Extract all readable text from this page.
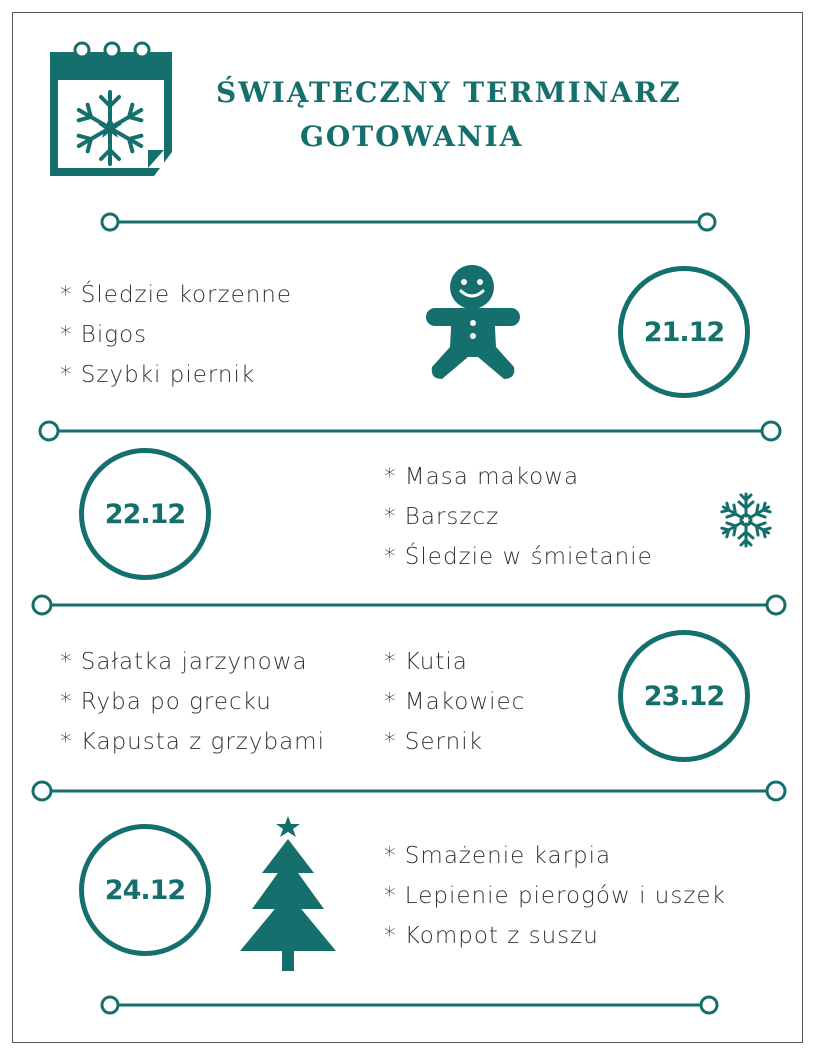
ŚWIĄTECZNY TERMINARZ
GOTOWANIA
* Śledzie korzenne
* Bigos
* Szybki piernik
21.12
22.12
* Masa makowa
* Barszcz
* Śledzie w śmietanie
* Sałatka jarzynowa
* Ryba po grecku
* Kapusta z grzybami
* Kutia
* Makowiec
* Sernik
23.12
24.12
* Smażenie karpia
* Lepienie pierogów i uszek
* Kompot z suszu
